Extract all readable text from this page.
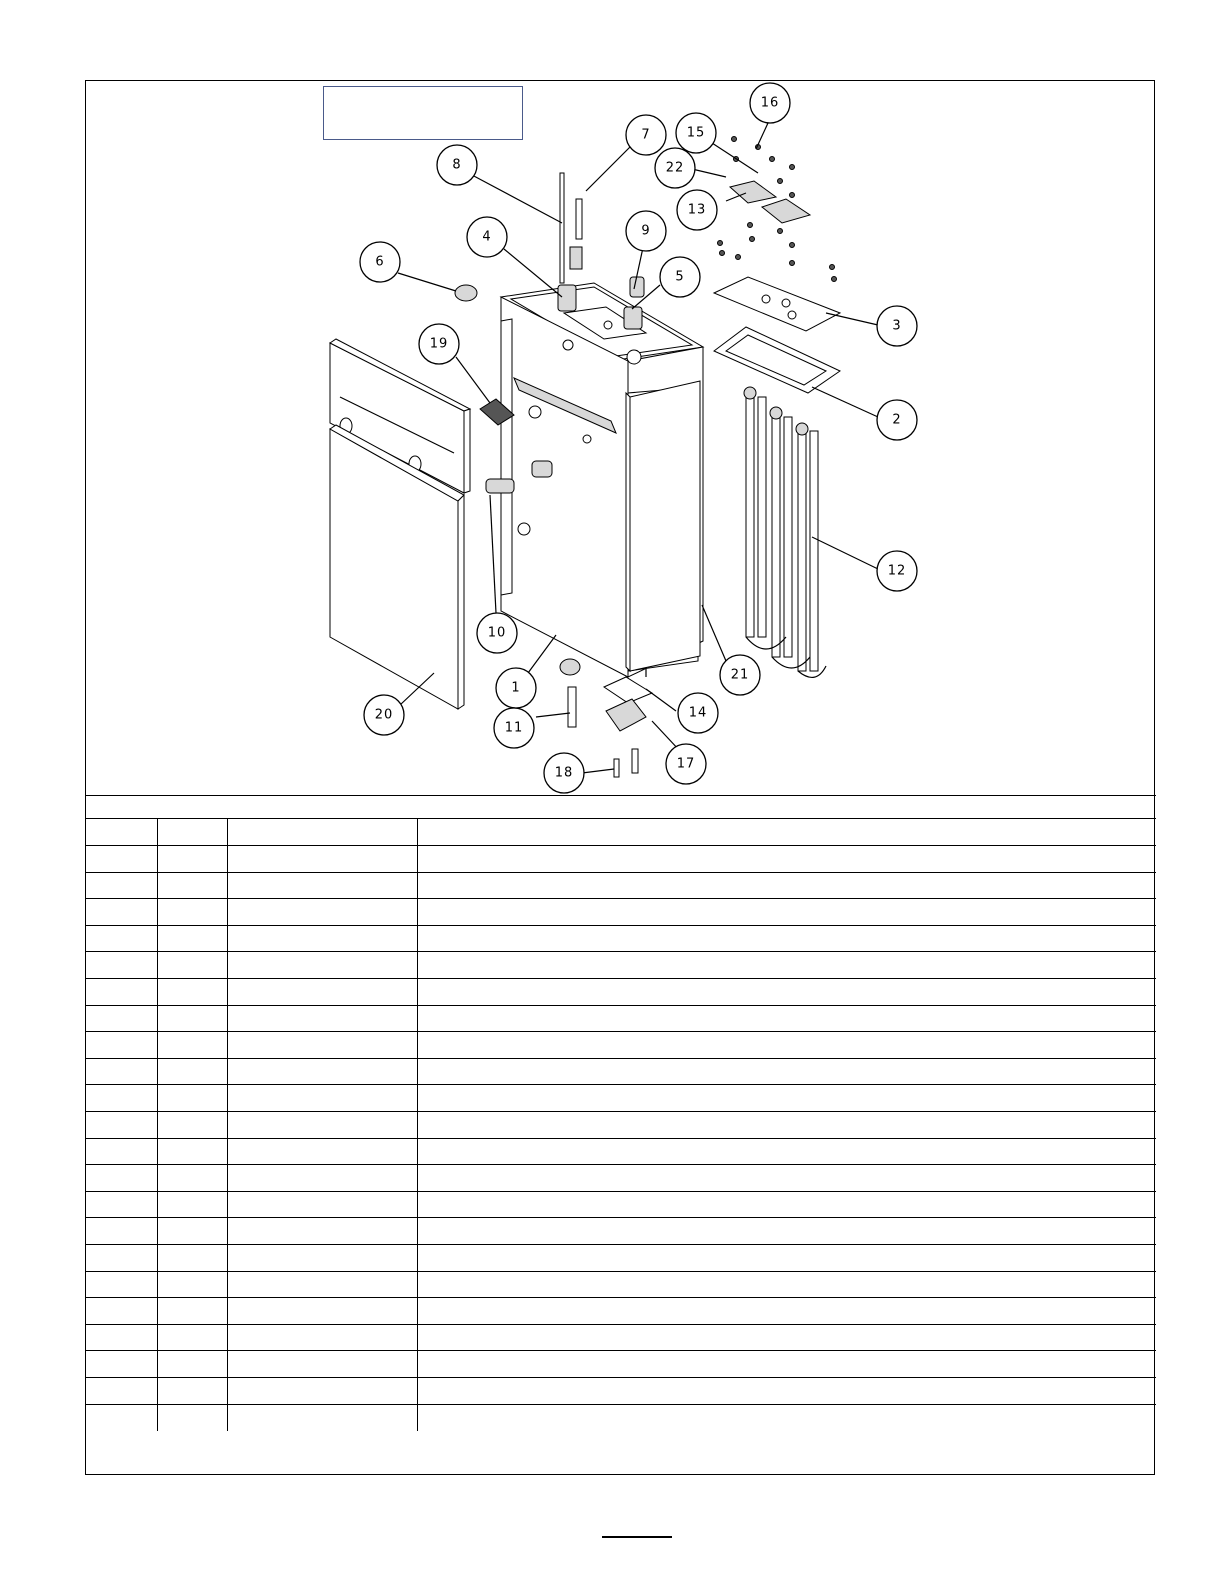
16
7	15
8	22
13
4	9
6
5
3
19
2
12
10
21
1
14
20
11
17
18
